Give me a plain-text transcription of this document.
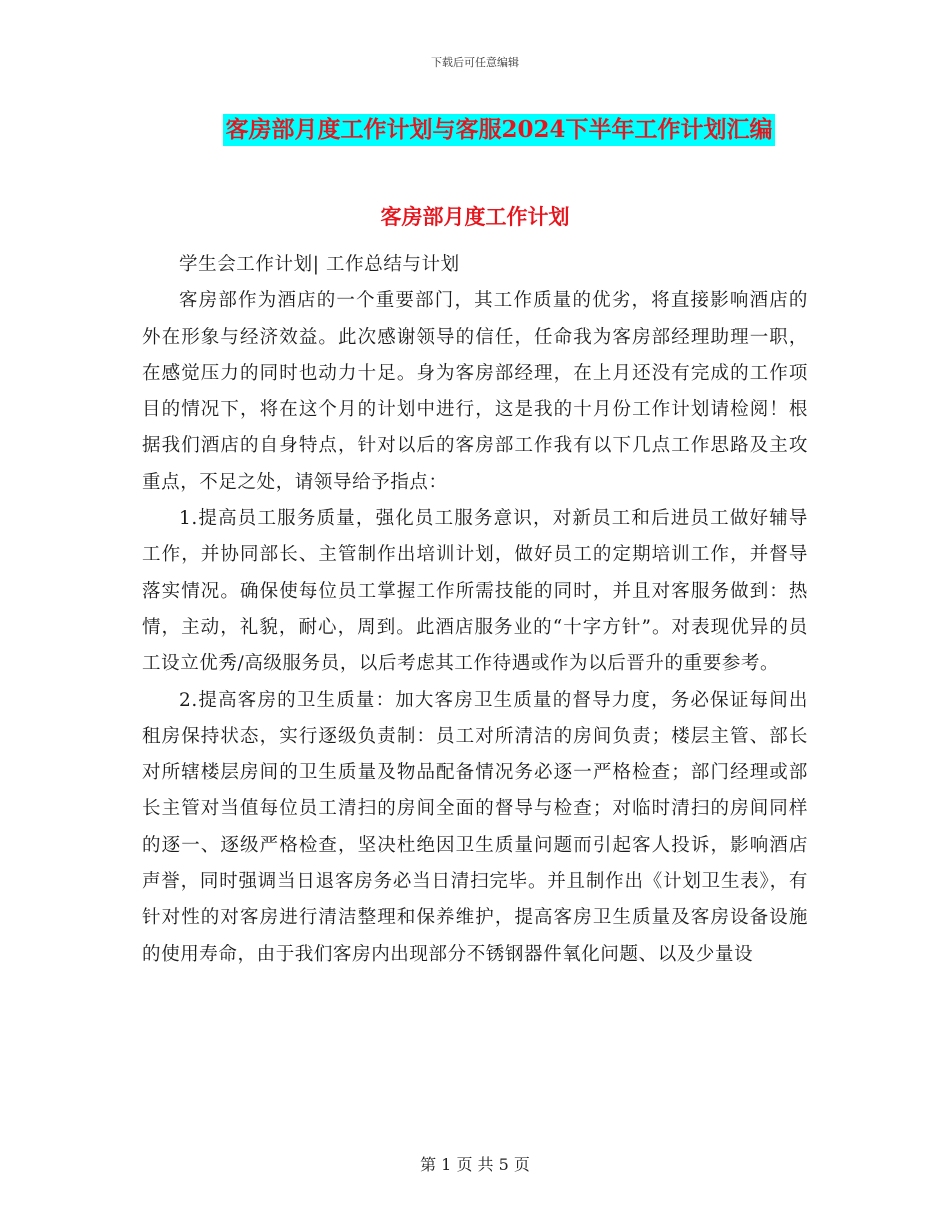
下载后可任意编辑
客房部月度工作计划与客服2024下半年工作计划汇编
客房部月度工作计划

学生会工作计划| 工作总结与计划

客房部作为酒店的一个重要部门，其工作质量的优劣，将直接影响酒店的外在形象与经济效益。此次感谢领导的信任，任命我为客房部经理助理一职，在感觉压力的同时也动力十足。身为客房部经理，在上月还没有完成的工作项目的情况下，将在这个月的计划中进行，这是我的十月份工作计划请检阅！根据我们酒店的自身特点，针对以后的客房部工作我有以下几点工作思路及主攻重点，不足之处，请领导给予指点：

1.提高员工服务质量，强化员工服务意识，对新员工和后进员工做好辅导工作，并协同部长、主管制作出培训计划，做好员工的定期培训工作，并督导落实情况。确保使每位员工掌握工作所需技能的同时，并且对客服务做到：热情，主动，礼貌，耐心，周到。此酒店服务业的“十字方针”。对表现优异的员工设立优秀/高级服务员，以后考虑其工作待遇或作为以后晋升的重要参考。

2.提高客房的卫生质量：加大客房卫生质量的督导力度，务必保证每间出租房保持状态，实行逐级负责制：员工对所清洁的房间负责；楼层主管、部长对所辖楼层房间的卫生质量及物品配备情况务必逐一严格检查；部门经理或部长主管对当值每位员工清扫的房间全面的督导与检查；对临时清扫的房间同样的逐一、逐级严格检查，坚决杜绝因卫生质量问题而引起客人投诉，影响酒店声誉，同时强调当日退客房务必当日清扫完毕。并且制作出《计划卫生表》，有针对性的对客房进行清洁整理和保养维护，提高客房卫生质量及客房设备设施的使用寿命，由于我们客房内出现部分不锈钢器件氧化问题、以及少量设

第 1 页 共 5 页
